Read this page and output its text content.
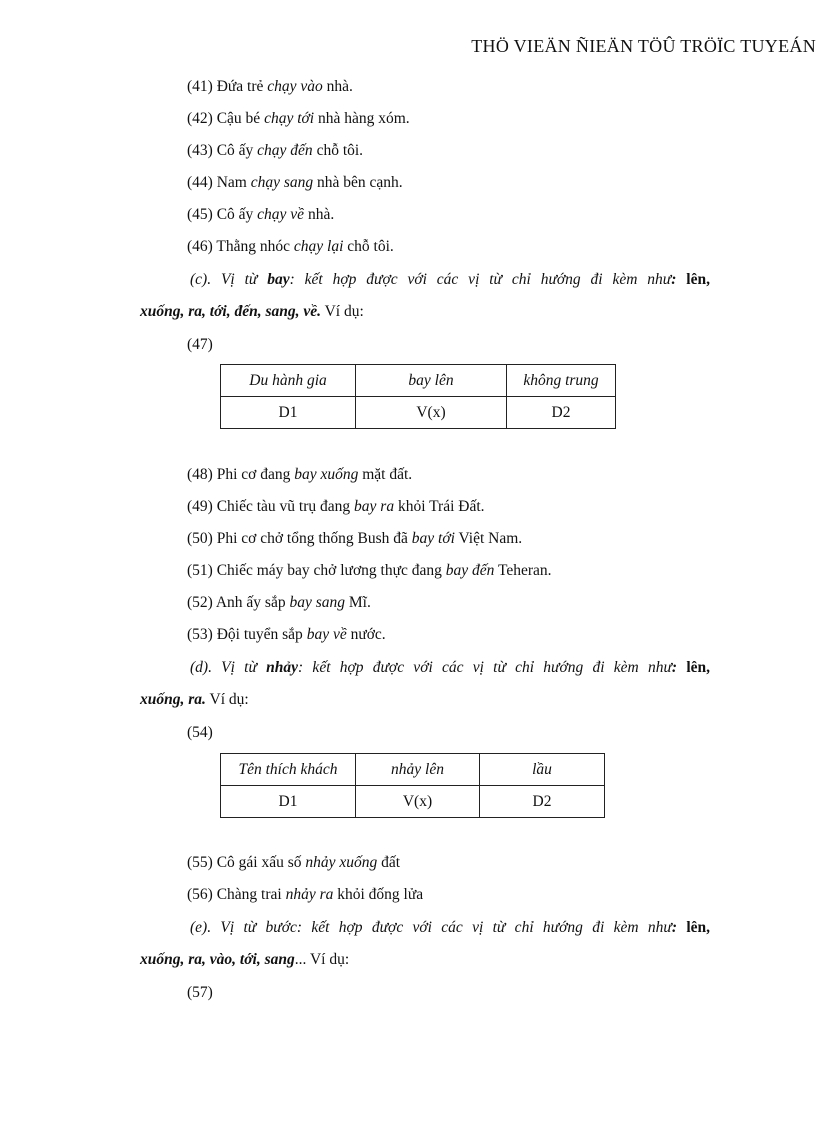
THÖ VIEÄN ÑIEÄN TÖÛ TRÖÏC TUYEÁN
(41) Đứa trẻ chạy vào nhà.
(42) Cậu bé chạy tới nhà hàng xóm.
(43) Cô ấy chạy đến chỗ tôi.
(44) Nam chạy sang nhà bên cạnh.
(45) Cô ấy chạy về nhà.
(46) Thằng nhóc chạy lại chỗ tôi.
(c). Vị từ bay: kết hợp được với các vị từ chỉ hướng đi kèm như: lên,
xuống, ra, tới, đến, sang, về. Ví dụ:
(47)
Du hành gia	bay lên	không trung
D1	V(x)	D2
(48) Phi cơ đang bay xuống mặt đất.
(49) Chiếc tàu vũ trụ đang bay ra khỏi Trái Đất.
(50) Phi cơ chở tổng thống Bush đã bay tới Việt Nam.
(51) Chiếc máy bay chở lương thực đang bay đến Teheran.
(52) Anh ấy sắp bay sang Mĩ.
(53) Đội tuyển sắp bay về nước.
(d). Vị từ nhảy: kết hợp được với các vị từ chỉ hướng đi kèm như: lên,
xuống, ra. Ví dụ:
(54)
Tên thích khách	nhảy lên	lầu
D1	V(x)	D2
(55) Cô gái xấu số nhảy xuống đất
(56) Chàng trai nhảy ra khỏi đống lửa
(e). Vị từ bước: kết hợp được với các vị từ chỉ hướng đi kèm như: lên,
xuống, ra, vào, tới, sang... Ví dụ:
(57)
